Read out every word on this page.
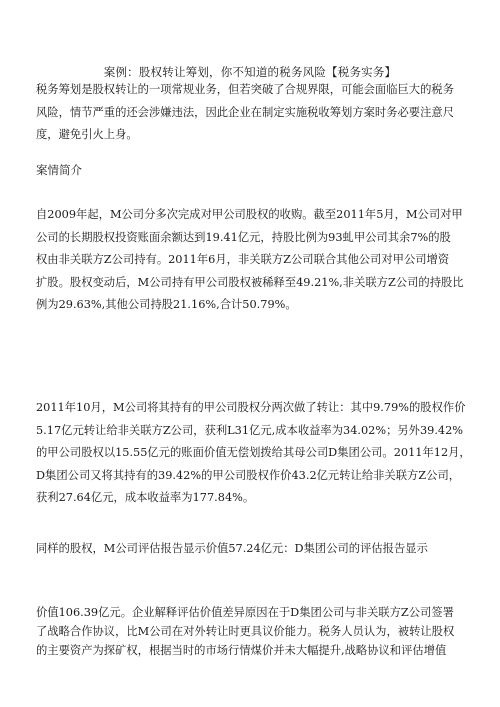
案例：股权转让筹划，你不知道的税务风险【税务实务】
税务筹划是股权转让的一项常规业务，但若突破了合规界限，可能会面临巨大的税务
风险，情节严重的还会涉嫌违法，因此企业在制定实施税收筹划方案时务必要注意尺
度，避免引火上身。
案情简介
自2009年起，M公司分多次完成对甲公司股权的收购。截至2011年5月，M公司对甲
公司的长期股权投资账面余额达到19.41亿元，持股比例为93虬甲公司其余7%的股
权由非关联方Z公司持有。2011年6月，非关联方Z公司联合其他公司对甲公司增资
扩股。股权变动后，M公司持有甲公司股权被稀释至49.21%,非关联方Z公司的持股比
例为29.63%,其他公司持股21.16%,合计50.79%。
2011年10月，M公司将其持有的甲公司股权分两次做了转让：其中9.79%的股权作价
5.17亿元转让给非关联方Z公司，获利L31亿元,成本收益率为34.02%；另外39.42%
的甲公司股权以15.55亿元的账面价值无偿划拨给其母公司D集团公司。2011年12月，
D集团公司又将其持有的39.42%的甲公司股权作价43.2亿元转让给非关联方Z公司，
获利27.64亿元，成本收益率为177.84%。
同样的股权，M公司评估报告显示价值57.24亿元：D集团公司的评估报告显示
价值106.39亿元。企业解释评估价值差异原因在于D集团公司与非关联方Z公司签署
了战略合作协议，比M公司在对外转让时更具议价能力。税务人员认为，被转让股权
的主要资产为探矿权，根据当时的市场行情煤价并未大幅提升,战略协议和评估增值
